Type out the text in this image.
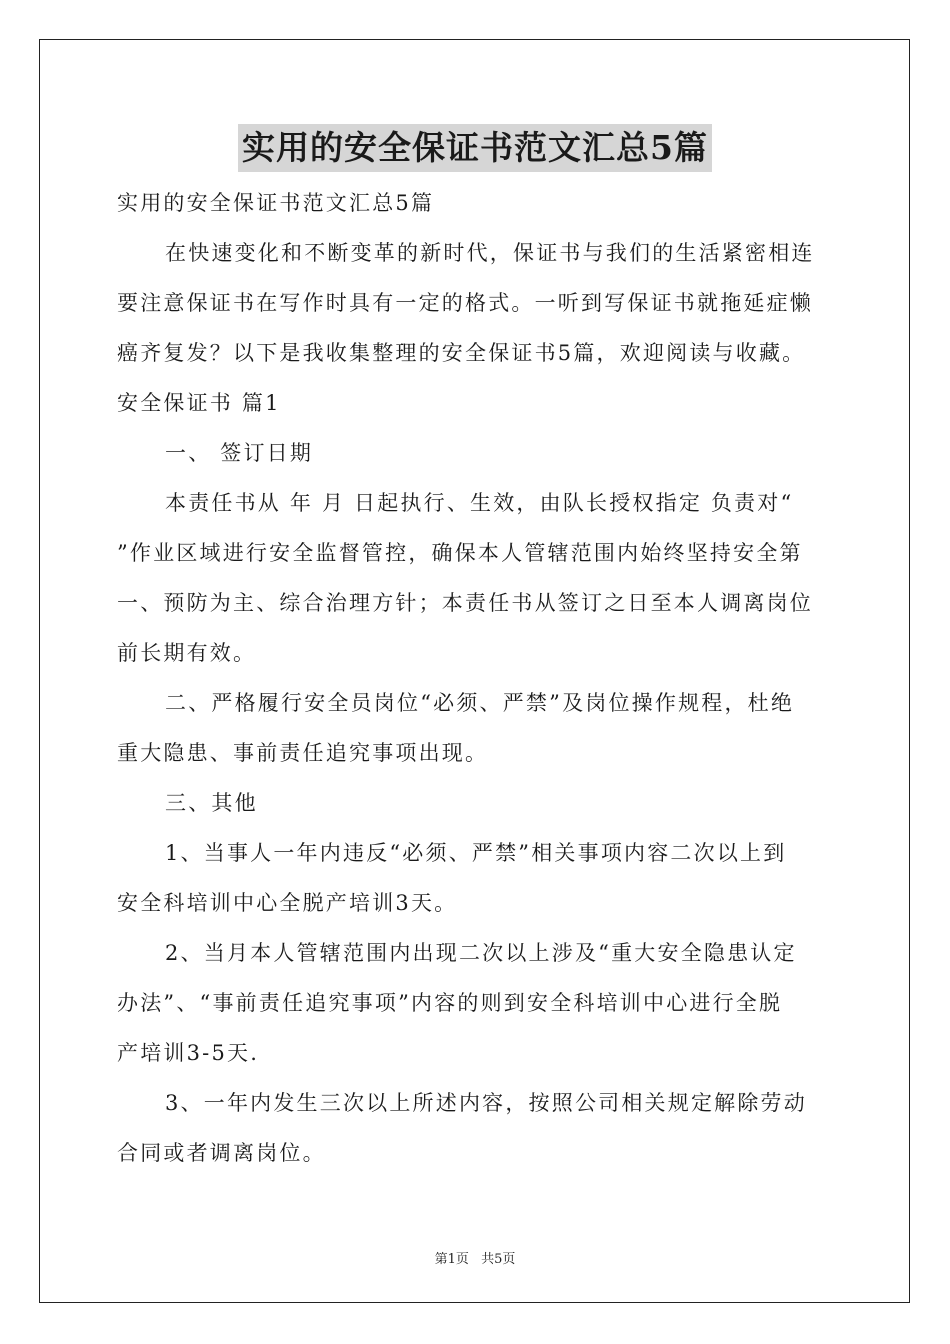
实用的安全保证书范文汇总5篇

实用的安全保证书范文汇总5篇

在快速变化和不断变革的新时代，保证书与我们的生活紧密相连

要注意保证书在写作时具有一定的格式。一听到写保证书就拖延症懒

癌齐复发？以下是我收集整理的安全保证书5篇，欢迎阅读与收藏。

安全保证书 篇1

一、 签订日期

本责任书从 年 月 日起执行、生效，由队长授权指定 负责对“

”作业区域进行安全监督管控，确保本人管辖范围内始终坚持安全第

一、预防为主、综合治理方针；本责任书从签订之日至本人调离岗位

前长期有效。

二、严格履行安全员岗位“必须、严禁”及岗位操作规程，杜绝

重大隐患、事前责任追究事项出现。

三、其他

1、当事人一年内违反“必须、严禁”相关事项内容二次以上到

安全科培训中心全脱产培训3天。

2、当月本人管辖范围内出现二次以上涉及“重大安全隐患认定

办法”、“事前责任追究事项”内容的则到安全科培训中心进行全脱

产培训3-5天.

3、一年内发生三次以上所述内容，按照公司相关规定解除劳动

合同或者调离岗位。

第1页 共5页
